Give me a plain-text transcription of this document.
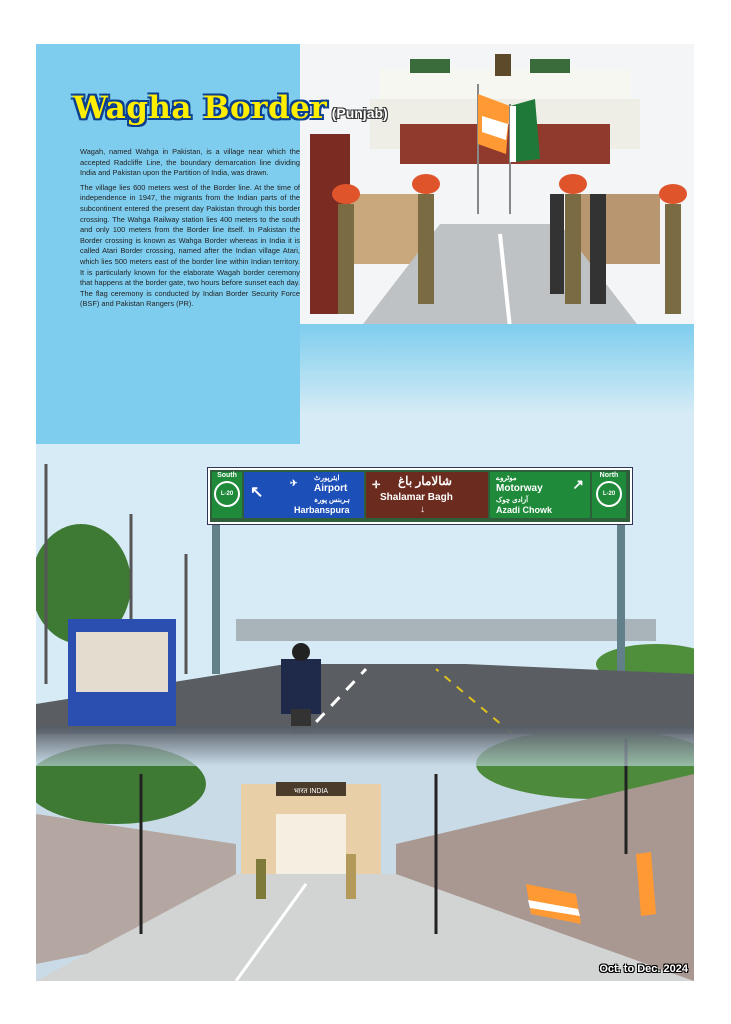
South
L-20	↖
✈ ایئرپورٹ
Airport
ہربنس پورہ
Harbanspura
✛ شالامار باغ
Shalamar Bagh
↓
موٹروے
Motorway ↗
آزادی چوک
Azadi Chowk
North
L-20
भारत INDIA
Oct. to Dec. 2024
Wagha Border (Punjab)

Wagah, named Wahga in Pakistan, is a village near which the accepted Radcliffe Line, the boundary demarcation line dividing India and Pakistan upon the Partition of India, was drawn.

The village lies 600 meters west of the Border line. At the time of independence in 1947, the migrants from the Indian parts of the subcontinent entered the present day Pakistan through this border crossing. The Wahga Railway station lies 400 meters to the south and only 100 meters from the Border line itself. In Pakistan the Border crossing is known as Wahga Border whereas in India it is called Atari Border crossing, named after the Indian village Atari, which lies 500 meters east of the border line within Indian territory. It is particularly known for the elaborate Wagah border ceremony that happens at the border gate, two hours before sunset each day. The flag ceremony is conducted by Indian Border Security Force (BSF) and Pakistan Rangers (PR).
